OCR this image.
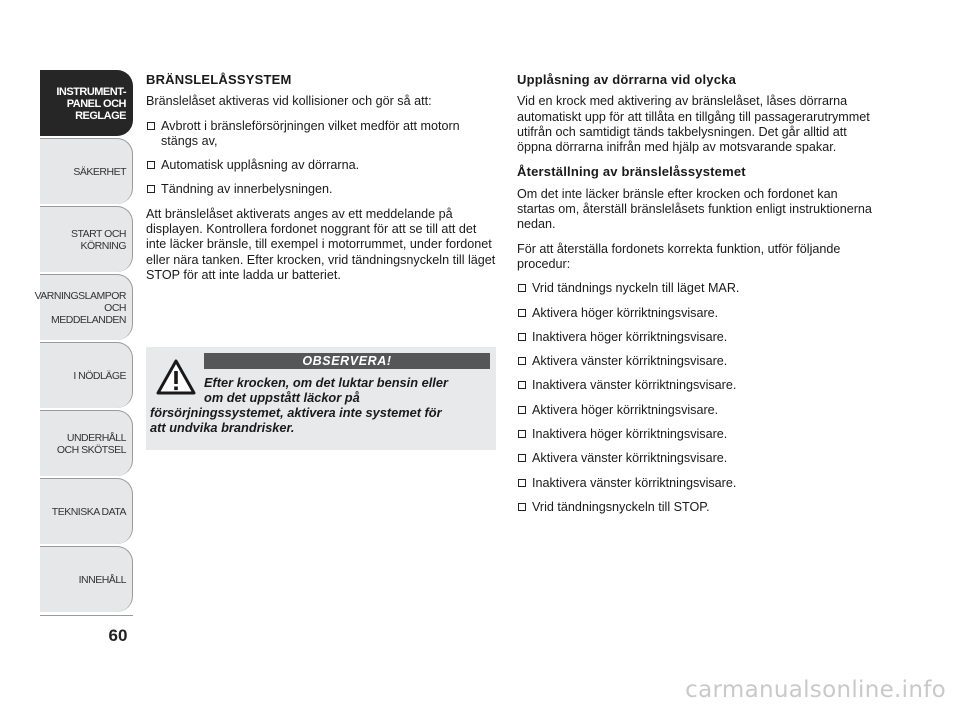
INSTRUMENT-
PANEL OCH
REGLAGE
SÄKERHET
START OCH
KÖRNING
VARNINGSLAMPOR
OCH
MEDDELANDEN
I NÖDLÄGE
UNDERHÅLL
OCH SKÖTSEL
TEKNISKA DATA
INNEHÅLL
60
BRÄNSLELÅSSYSTEM
Bränslelåset aktiveras vid kollisioner och gör så att:
Avbrott i bränsleförsörjningen vilket medför att motorn stängs av,
Automatisk upplåsning av dörrarna.
Tändning av innerbelysningen.
Att bränslelåset aktiverats anges av ett meddelande på displayen. Kontrollera fordonet noggrant för att se till att det inte läcker bränsle, till exempel i motorrummet, under fordonet eller nära tanken. Efter krocken, vrid tändningsnyckeln till läget STOP för att inte ladda ur batteriet.
OBSERVERA!
Efter krocken, om det luktar bensin eller
om det uppstått läckor på
försörjningssystemet, aktivera inte systemet för
att undvika brandrisker.
Upplåsning av dörrarna vid olycka
Vid en krock med aktivering av bränslelåset, låses dörrarna automatiskt upp för att tillåta en tillgång till passagerarutrymmet utifrån och samtidigt tänds takbelysningen. Det går alltid att öppna dörrarna inifrån med hjälp av motsvarande spakar.
Återställning av bränslelåssystemet
Om det inte läcker bränsle efter krocken och fordonet kan startas om, återställ bränslelåsets funktion enligt instruktionerna nedan.
För att återställa fordonets korrekta funktion, utför följande procedur:
Vrid tändnings nyckeln till läget MAR.
Aktivera höger körriktningsvisare.
Inaktivera höger körriktningsvisare.
Aktivera vänster körriktningsvisare.
Inaktivera vänster körriktningsvisare.
Aktivera höger körriktningsvisare.
Inaktivera höger körriktningsvisare.
Aktivera vänster körriktningsvisare.
Inaktivera vänster körriktningsvisare.
Vrid tändningsnyckeln till STOP.
carmanualsonline.info
